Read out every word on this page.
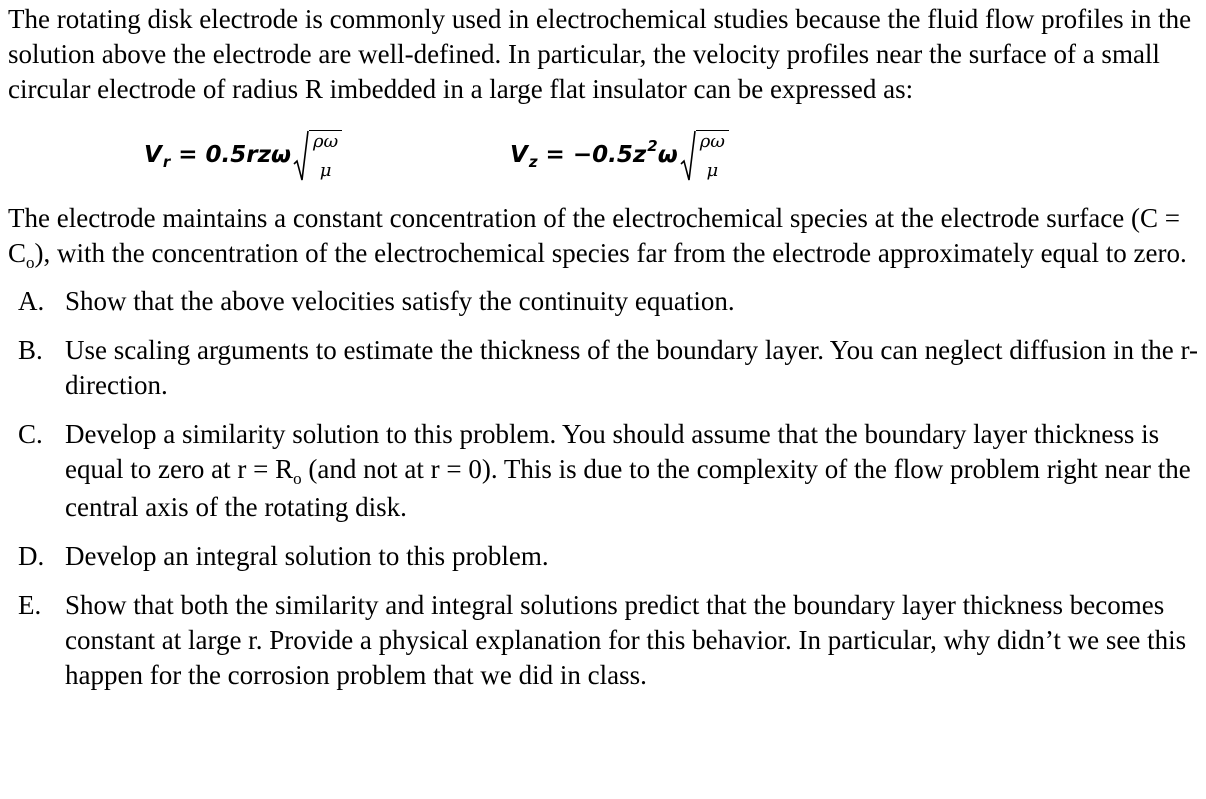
The rotating disk electrode is commonly used in electrochemical studies because the fluid flow profiles in the solution above the electrode are well-defined. In particular, the velocity profiles near the surface of a small circular electrode of radius R imbedded in a large flat insulator can be expressed as:

V r = 0.5rzω
ρω
μ
V z = −0.5z 2 ω
ρω
μ

The electrode maintains a constant concentration of the electrochemical species at the electrode surface $(C = C_o)$, with the concentration of the electrochemical species far from the electrode approximately equal to zero.

A. Show that the above velocities satisfy the continuity equation.
B. Use scaling arguments to estimate the thickness of the boundary layer. You can neglect diffusion in the r-direction.
C. Develop a similarity solution to this problem. You should assume that the boundary layer thickness is equal to zero at $r = R_o$ (and not at r = 0). This is due to the complexity of the flow problem right near the central axis of the rotating disk.
D. Develop an integral solution to this problem.
E. Show that both the similarity and integral solutions predict that the boundary layer thickness becomes constant at large r. Provide a physical explanation for this behavior. In particular, why didn’t we see this happen for the corrosion problem that we did in class.
